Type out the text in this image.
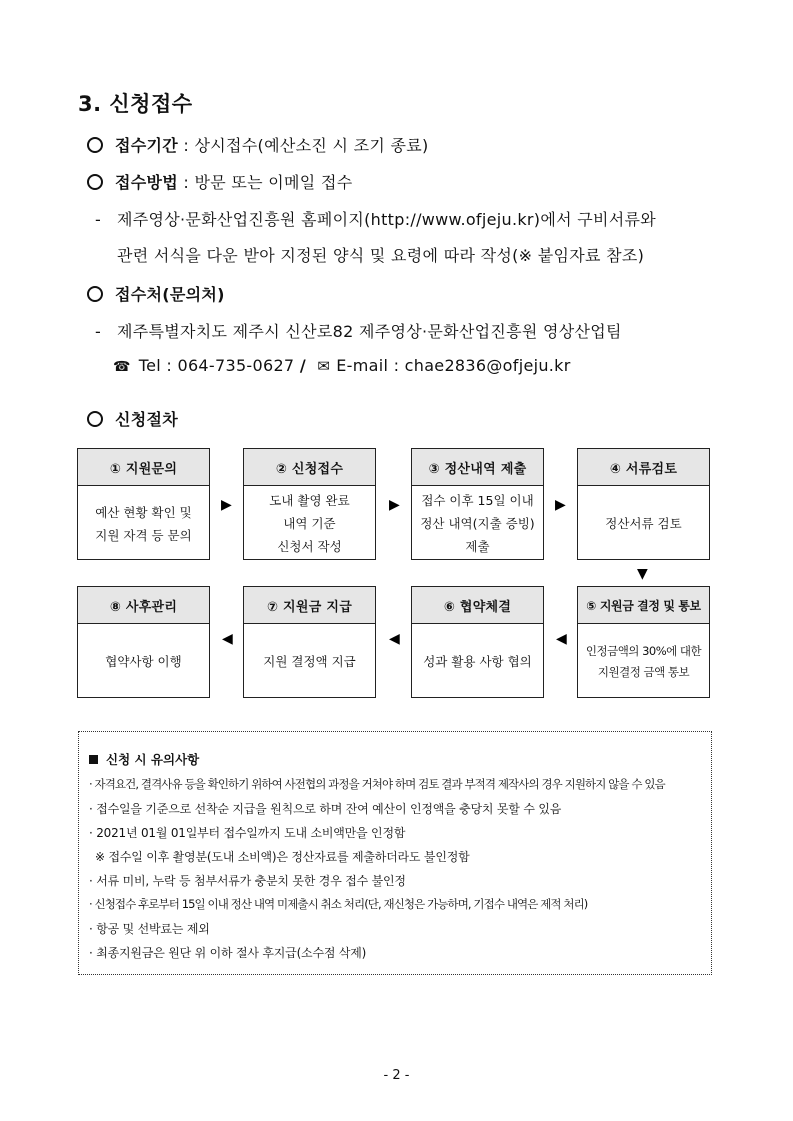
3. 신청접수
접수기간 : 상시접수(예산소진 시 조기 종료)
접수방법 : 방문 또는 이메일 접수
- 제주영상·문화산업진흥원 홈페이지(http://www.ofjeju.kr)에서 구비서류와
관련 서식을 다운 받아 지정된 양식 및 요령에 따라 작성(※ 붙임자료 참조)
접수처(문의처)
- 제주특별자치도 제주시 신산로82 제주영상·문화산업진흥원 영상산업팀
☎ Tel : 064-735-0627 / ✉ E-mail : chae2836@ofjeju.kr
신청절차
① 지원문의
예산 현황 확인 및
지원 자격 등 문의
② 신청접수
도내 촬영 완료
내역 기준
신청서 작성
③ 정산내역 제출
접수 이후 15일 이내
정산 내역(지출 증빙)
제출
④ 서류검토
정산서류 검토
▶	▶	▶
▼
⑧ 사후관리
협약사항 이행
⑦ 지원금 지급
지원 결정액 지급
⑥ 협약체결
성과 활용 사항 협의
⑤ 지원금 결정 및 통보
인정금액의 30%에 대한
지원결정 금액 통보
◀	◀	◀
신청 시 유의사항
· 자격요건, 결격사유 등을 확인하기 위하여 사전협의 과정을 거쳐야 하며 검토 결과 부적격 제작사의 경우 지원하지 않을 수 있음
· 접수일을 기준으로 선착순 지급을 원칙으로 하며 잔여 예산이 인정액을 충당치 못할 수 있음
· 2021년 01월 01일부터 접수일까지 도내 소비액만을 인정함
※ 접수일 이후 촬영분(도내 소비액)은 정산자료를 제출하더라도 불인정함
· 서류 미비, 누락 등 첨부서류가 충분치 못한 경우 접수 불인정
· 신청접수 후로부터 15일 이내 정산 내역 미제출시 취소 처리(단, 재신청은 가능하며, 기접수 내역은 제적 처리)
· 항공 및 선박료는 제외
· 최종지원금은 원단 위 이하 절사 후지급(소수점 삭제)
- 2 -
